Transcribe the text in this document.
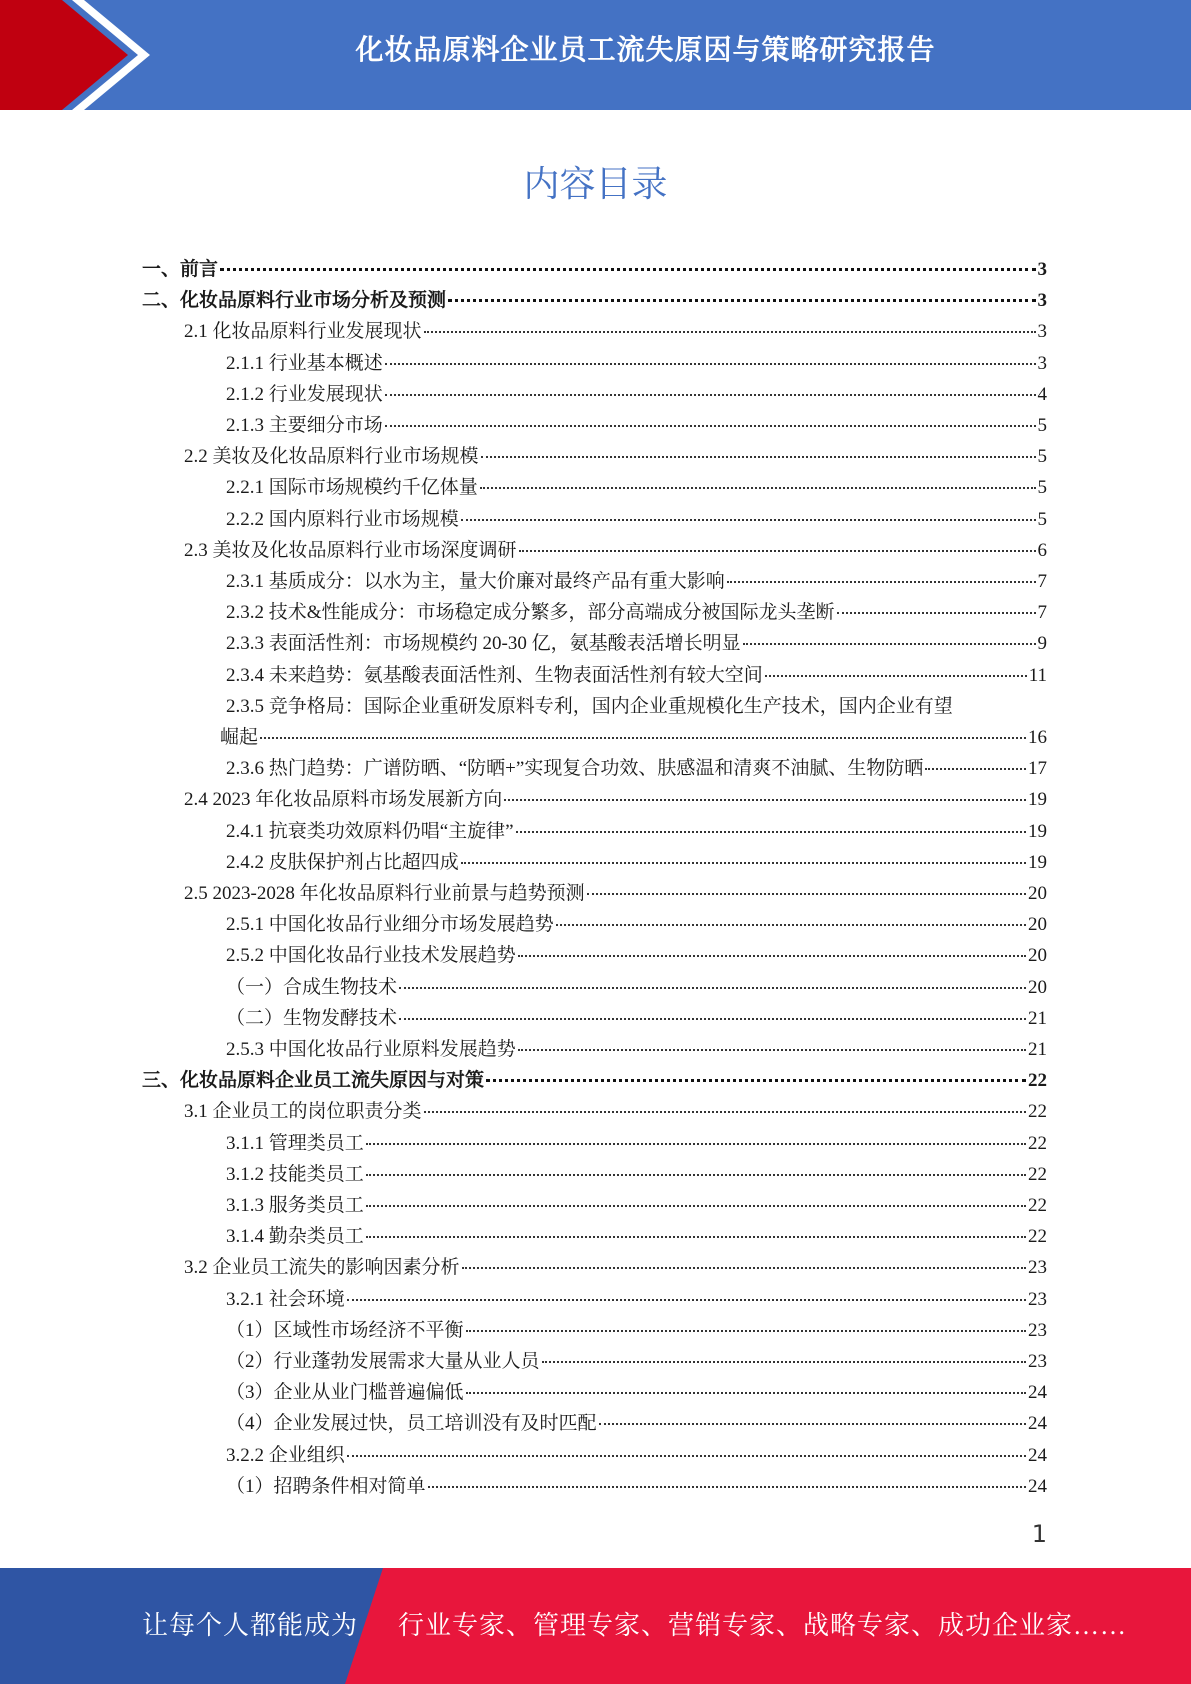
化妆品原料企业员工流失原因与策略研究报告
内容目录
一、前言	3
二、化妆品原料行业市场分析及预测	3
2.1 化妆品原料行业发展现状	3
2.1.1 行业基本概述	3
2.1.2 行业发展现状	4
2.1.3 主要细分市场	5
2.2 美妆及化妆品原料行业市场规模	5
2.2.1 国际市场规模约千亿体量	5
2.2.2 国内原料行业市场规模	5
2.3 美妆及化妆品原料行业市场深度调研	6
2.3.1 基质成分：以水为主，量大价廉对最终产品有重大影响	7
2.3.2 技术&性能成分：市场稳定成分繁多，部分高端成分被国际龙头垄断	7
2.3.3 表面活性剂：市场规模约 20-30 亿，氨基酸表活增长明显	9
2.3.4 未来趋势：氨基酸表面活性剂、生物表面活性剂有较大空间	11
2.3.5 竞争格局：国际企业重研发原料专利，国内企业重规模化生产技术，国内企业有望
崛起	16
2.3.6 热门趋势：广谱防晒、“防晒+”实现复合功效、肤感温和清爽不油腻、生物防晒	17
2.4 2023 年化妆品原料市场发展新方向	19
2.4.1 抗衰类功效原料仍唱“主旋律”	19
2.4.2 皮肤保护剂占比超四成	19
2.5 2023-2028 年化妆品原料行业前景与趋势预测	20
2.5.1 中国化妆品行业细分市场发展趋势	20
2.5.2 中国化妆品行业技术发展趋势	20
（一）合成生物技术	20
（二）生物发酵技术	21
2.5.3 中国化妆品行业原料发展趋势	21
三、化妆品原料企业员工流失原因与对策	22
3.1 企业员工的岗位职责分类	22
3.1.1 管理类员工	22
3.1.2 技能类员工	22
3.1.3 服务类员工	22
3.1.4 勤杂类员工	22
3.2 企业员工流失的影响因素分析	23
3.2.1 社会环境	23
（1）区域性市场经济不平衡	23
（2）行业蓬勃发展需求大量从业人员	23
（3）企业从业门槛普遍偏低	24
（4）企业发展过快，员工培训没有及时匹配	24
3.2.2 企业组织	24
（1）招聘条件相对简单	24
1
让每个人都能成为 行业专家、管理专家、营销专家、战略专家、成功企业家……
